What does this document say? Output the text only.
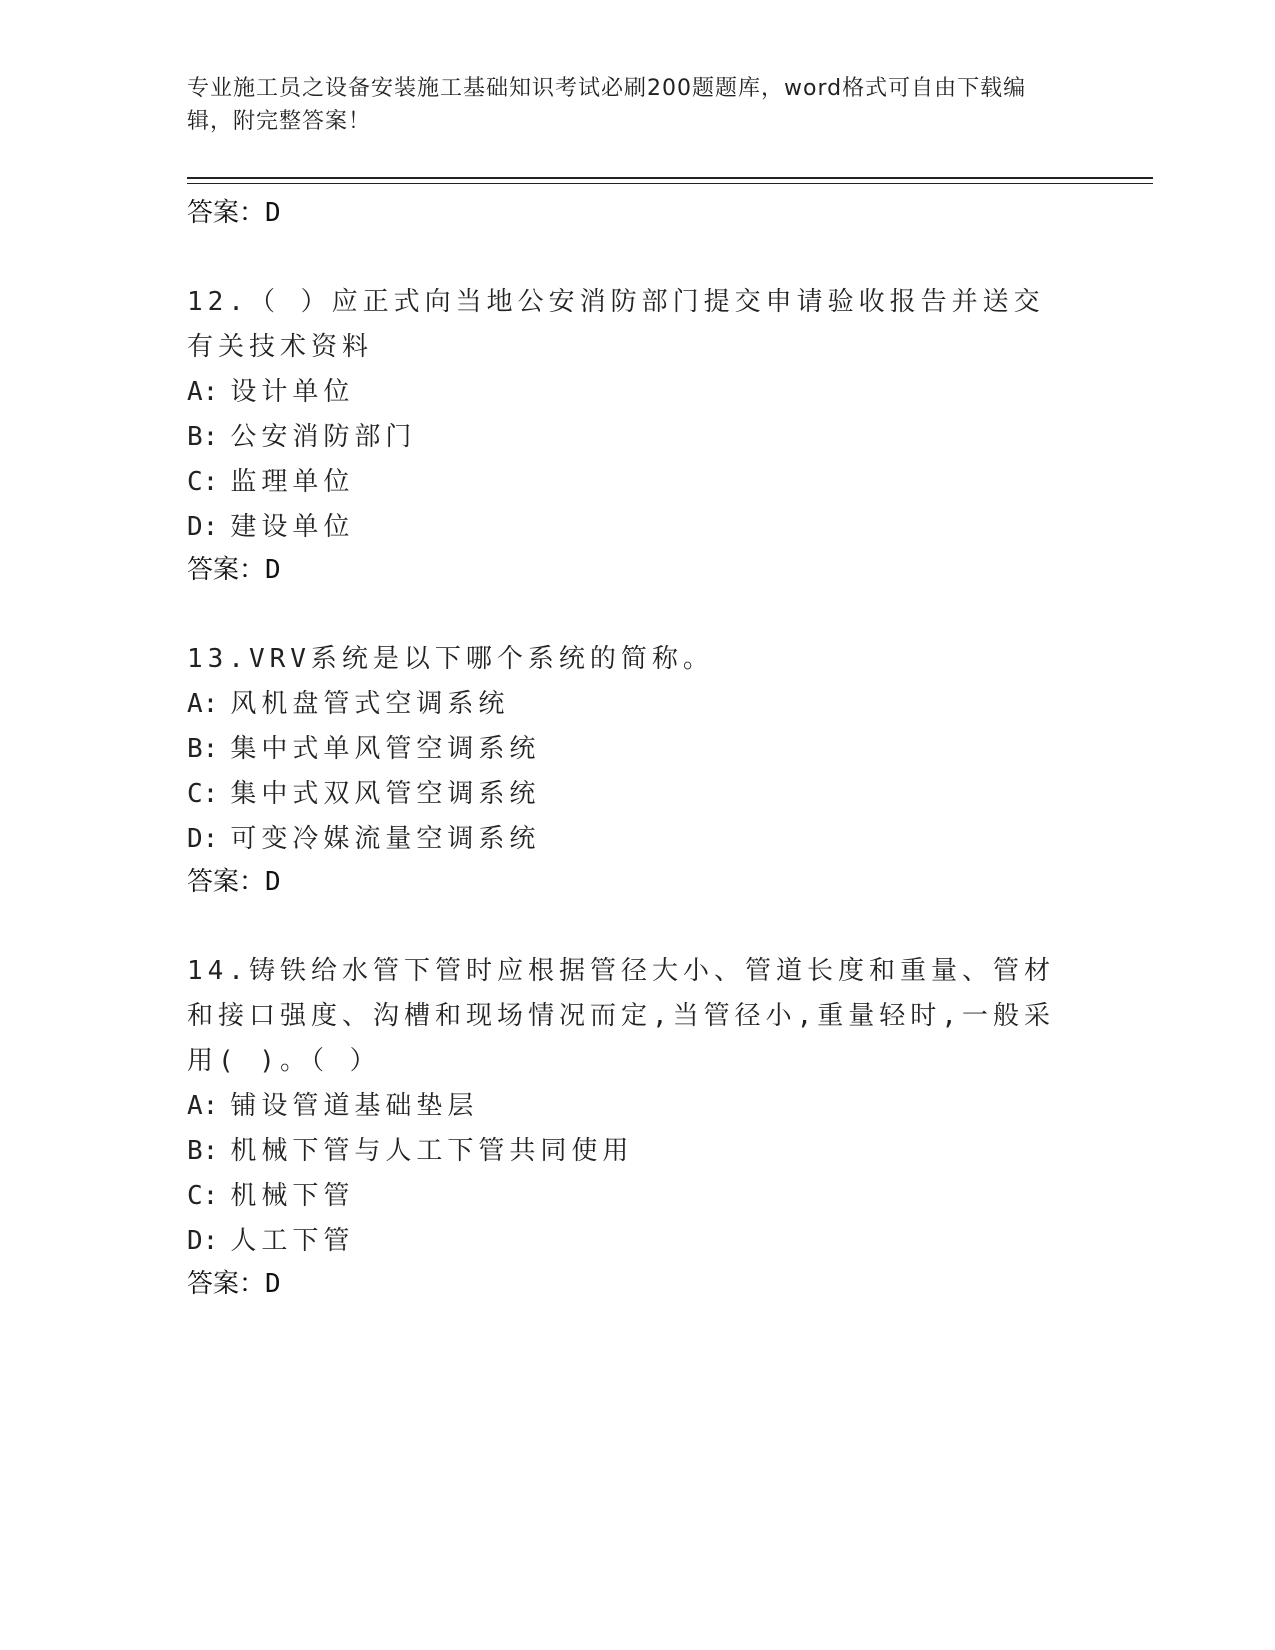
专业施工员之设备安装施工基础知识考试必刷200题题库，word格式可自由下载编辑，附完整答案！
答案：D
12.（ ）应正式向当地公安消防部门提交申请验收报告并送交有关技术资料
A: 设计单位
B: 公安消防部门
C: 监理单位
D: 建设单位
答案：D
13.VRV系统是以下哪个系统的简称。
A: 风机盘管式空调系统
B: 集中式单风管空调系统
C: 集中式双风管空调系统
D: 可变冷媒流量空调系统
答案：D
14.铸铁给水管下管时应根据管径大小、管道长度和重量、管材和接口强度、沟槽和现场情况而定,当管径小,重量轻时,一般采用( )。（ ）
A: 铺设管道基础垫层
B: 机械下管与人工下管共同使用
C: 机械下管
D: 人工下管
答案：D
